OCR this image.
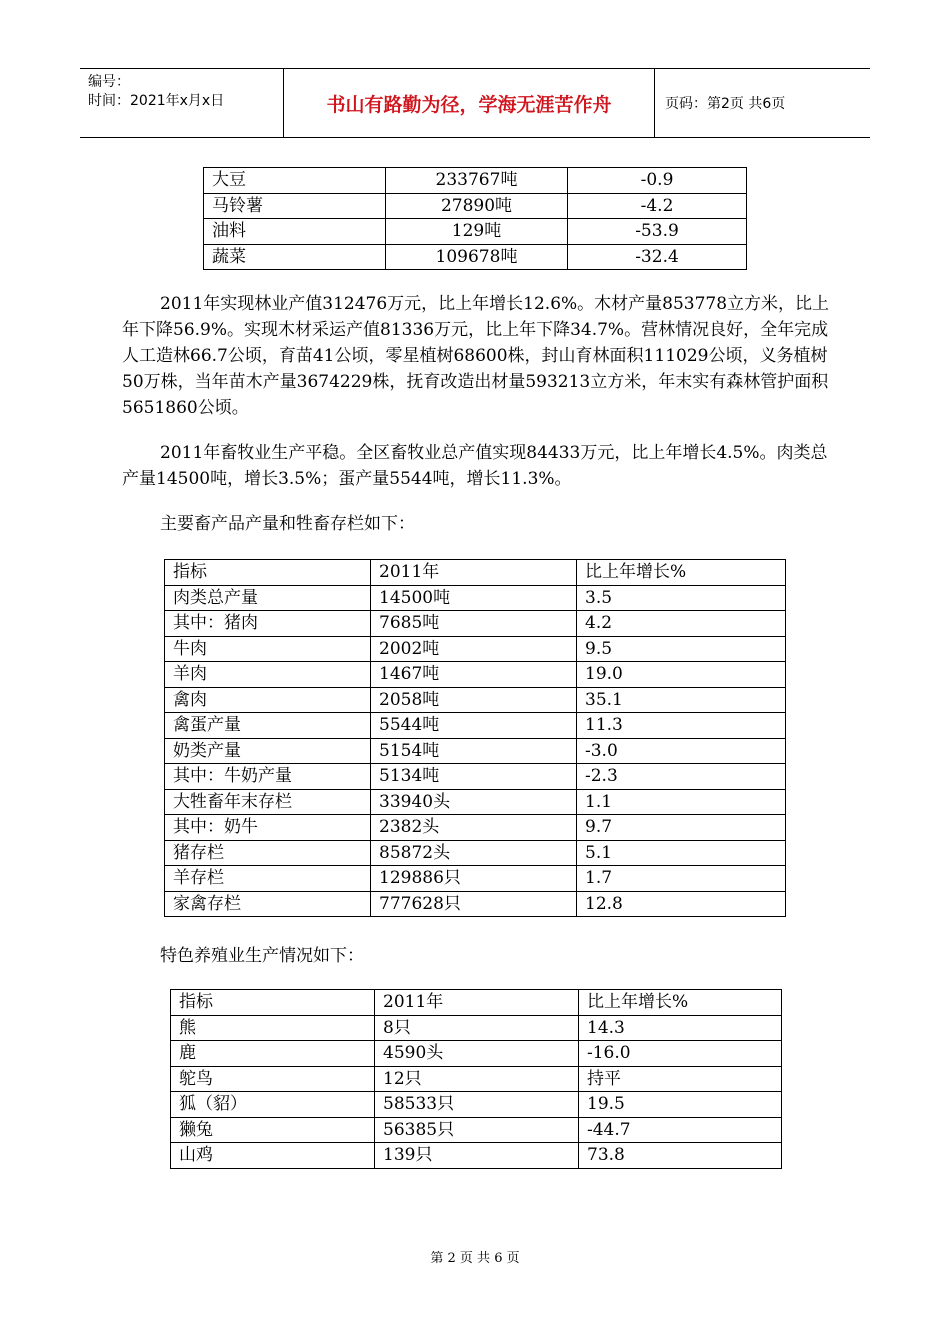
编号：
时间：2021年x月x日	书山有路勤为径，学海无涯苦作舟	页码：第2页 共6页
大豆	233767吨	-0.9
马铃薯	27890吨	-4.2
油料	129吨	-53.9
蔬菜	109678吨	-32.4
2011年实现林业产值312476万元，比上年增长12.6%。木材产量853778立方米，比上年下降56.9%。实现木材采运产值81336万元，比上年下降34.7%。营林情况良好，全年完成人工造林66.7公顷，育苗41公顷，零星植树68600株，封山育林面积111029公顷，义务植树50万株，当年苗木产量3674229株，抚育改造出材量593213立方米，年末实有森林管护面积5651860公顷。
2011年畜牧业生产平稳。全区畜牧业总产值实现84433万元，比上年增长4.5%。肉类总产量14500吨，增长3.5%；蛋产量5544吨，增长11.3%。
主要畜产品产量和牲畜存栏如下：
指标	2011年	比上年增长%
肉类总产量	14500吨	3.5
其中：猪肉	7685吨	4.2
牛肉	2002吨	9.5
羊肉	1467吨	19.0
禽肉	2058吨	35.1
禽蛋产量	5544吨	11.3
奶类产量	5154吨	-3.0
其中：牛奶产量	5134吨	-2.3
大牲畜年末存栏	33940头	1.1
其中：奶牛	2382头	9.7
猪存栏	85872头	5.1
羊存栏	129886只	1.7
家禽存栏	777628只	12.8
特色养殖业生产情况如下：
指标	2011年	比上年增长%
熊	8只	14.3
鹿	4590头	-16.0
鸵鸟	12只	持平
狐（貂）	58533只	19.5
獭兔	56385只	-44.7
山鸡	139只	73.8
第 2 页 共 6 页
